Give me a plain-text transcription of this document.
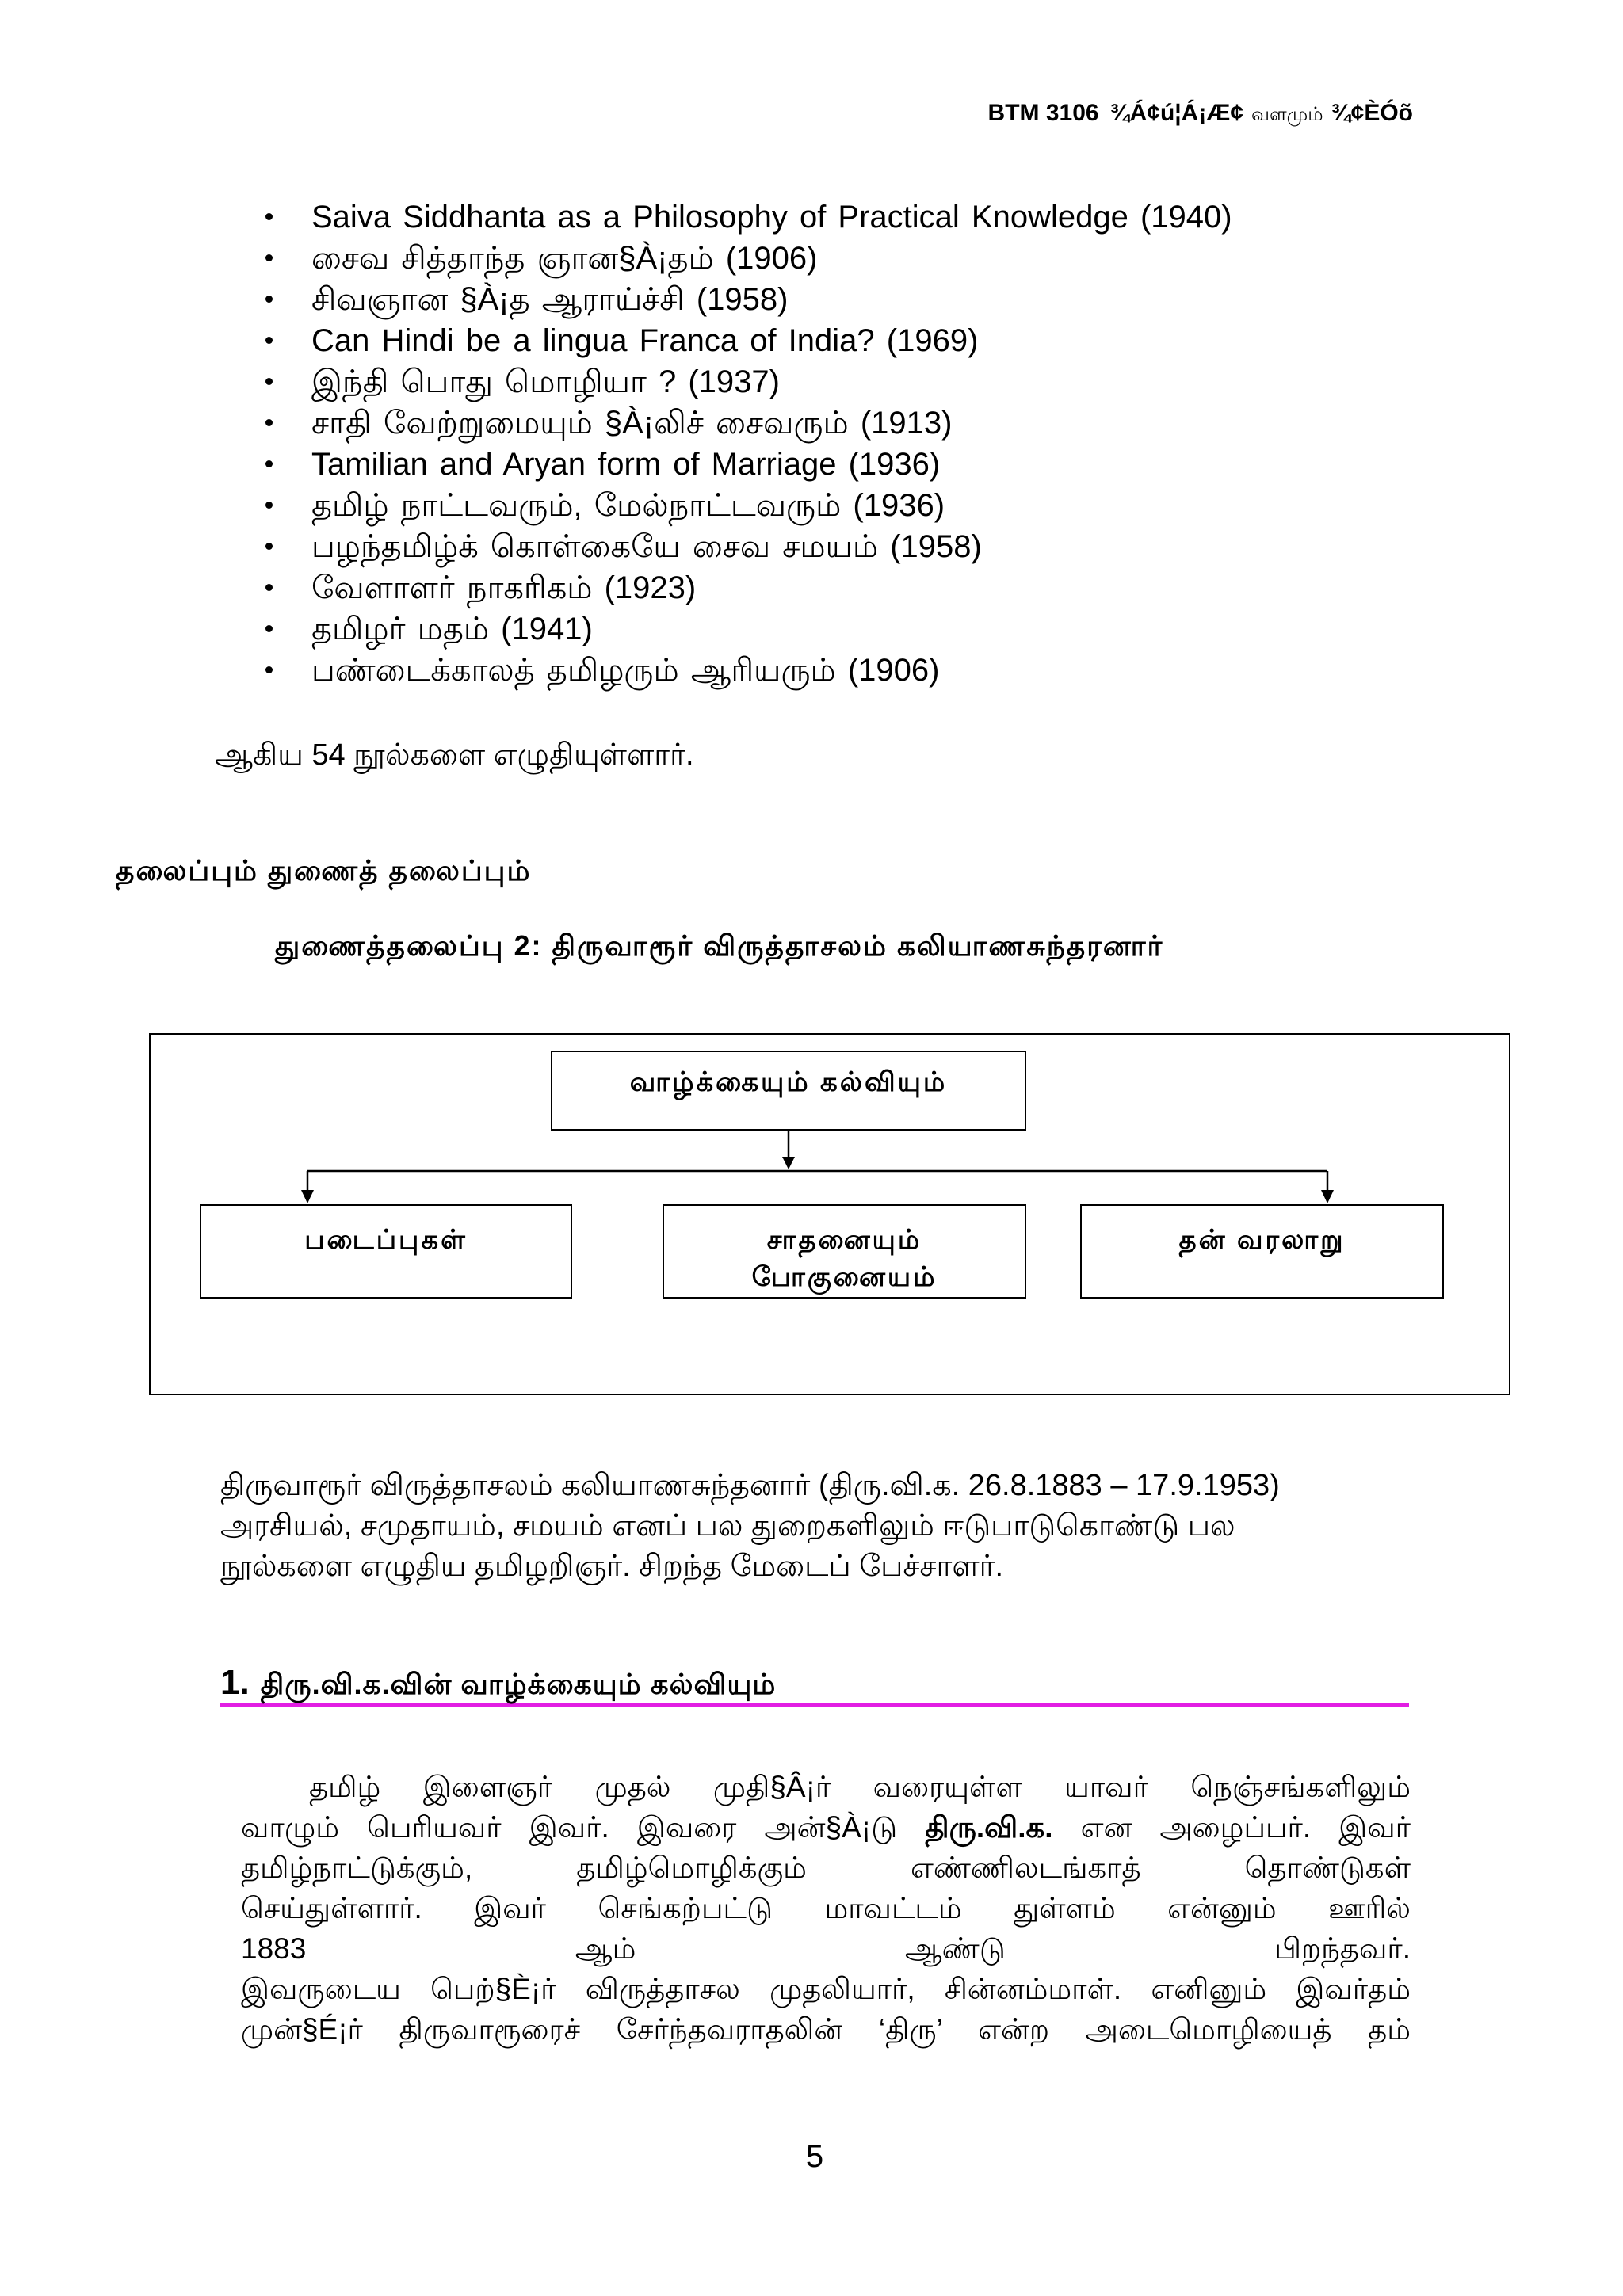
BTM 3106 ¾Á¢ú¦Á¡Æ¢ வளமும் ¾¢ÈÓõ
Saiva Siddhanta as a Philosophy of Practical Knowledge (1940)
சைவ சித்தாந்த ஞான§À¡தம் (1906)
சிவஞான §À¡த ஆராய்ச்சி (1958)
Can Hindi be a lingua Franca of India? (1969)
இந்தி பொது மொழியா ? (1937)
சாதி வேற்றுமையும் §À¡லிச் சைவரும் (1913)
Tamilian and Aryan form of Marriage (1936)
தமிழ் நாட்டவரும், மேல்நாட்டவரும் (1936)
பழந்தமிழ்க் கொள்கையே சைவ சமயம் (1958)
வேளாளர் நாகரிகம் (1923)
தமிழர் மதம் (1941)
பண்டைக்காலத் தமிழரும் ஆரியரும் (1906)
ஆகிய 54 நூல்களை எழுதியுள்ளார்.
தலைப்பும் துணைத் தலைப்பும்
துணைத்தலைப்பு 2: திருவாரூர் விருத்தாசலம் கலியாணசுந்தரனார்
வாழ்க்கையும் கல்வியும்
படைப்புகள்	சாதனையும்
போகுனையம்
தன் வரலாறு
திருவாரூர் விருத்தாசலம் கலியாணசுந்தனார் (திரு.வி.க. 26.8.1883 – 17.9.1953)
அரசியல், சமுதாயம், சமயம் எனப் பல துறைகளிலும் ஈடுபாடுகொண்டு பல
நூல்களை எழுதிய தமிழறிஞர். சிறந்த மேடைப் பேச்சாளர்.
1. திரு.வி.க.வின் வாழ்க்கையும் கல்வியும்
தமிழ் இளைஞர் முதல் முதி§Â¡ர் வரையுள்ள யாவர் நெஞ்சங்களிலும்
வாழும் பெரியவர் இவர். இவரை அன்§À¡டு திரு.வி.க. என அழைப்பர். இவர்
தமிழ்நாட்டுக்கும், தமிழ்மொழிக்கும் எண்ணிலடங்காத் தொண்டுகள்
செய்துள்ளார். இவர் செங்கற்பட்டு மாவட்டம் துள்ளம் என்னும் ஊரில்
1883 ஆம் ஆண்டு பிறந்தவர்.
இவருடைய பெற்§È¡ர் விருத்தாசல முதலியார், சின்னம்மாள். எனினும் இவர்தம்
முன்§É¡ர் திருவாரூரைச் சேர்ந்தவராதலின் ‘திரு’ என்ற அடைமொழியைத் தம்
5
